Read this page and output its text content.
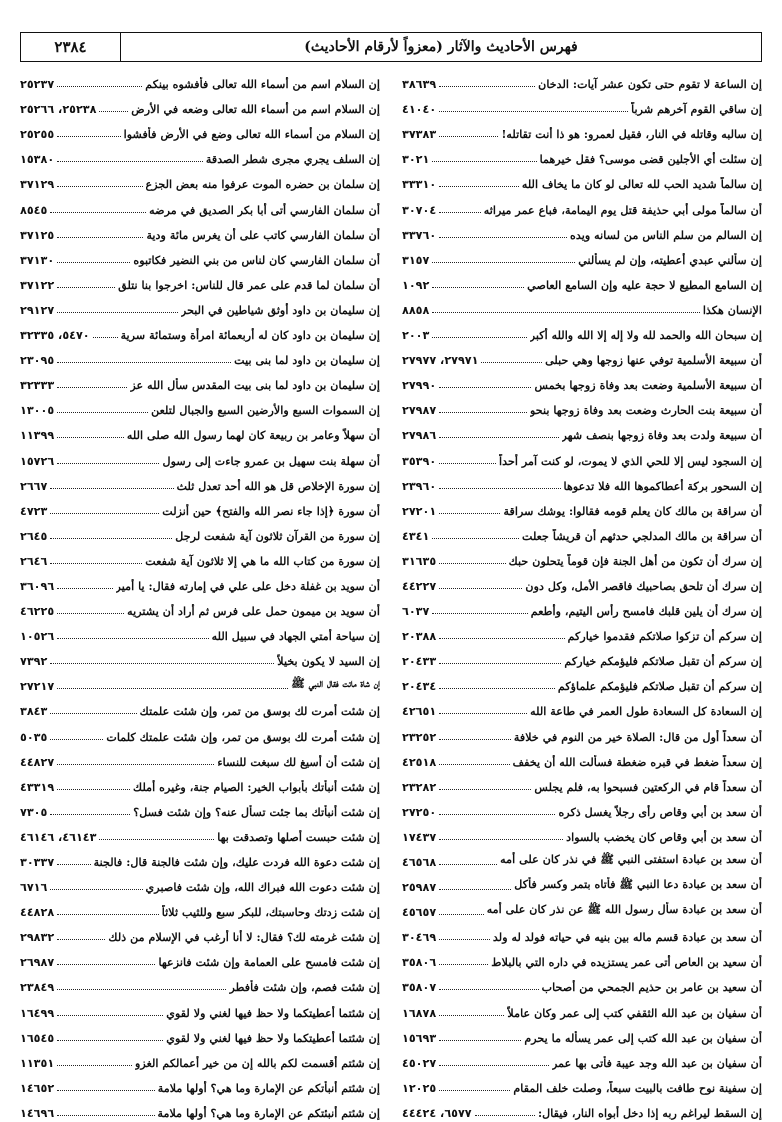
فهرس الأحاديث والآثار (معزواً لأرقام الأحاديث)
٢٣٨٤
إن الساعة لا تقوم حتى تكون عشر آيات: الدخان
٣٨٦٣٩
إن ساقي القوم آخرهم شرباً
٤١٠٤٠
إن سالبه وقاتله في النار، فقيل لعمرو: هو ذا أنت تقاتله!
٣٧٣٨٣
إن سئلت أي الأجلين قضى موسى؟ فقل خيرهما
٣٠٢١
إن سالماً شديد الحب لله تعالى لو كان ما يخاف الله
٣٣٣١٠
أن سالماً مولى أبي حذيفة قتل يوم اليمامة، فباع عمر ميراثه
٣٠٧٠٤
إن السالم من سلم الناس من لسانه ويده
٣٣٧٦٠
إن سألني عبدي أعطيته، وإن لم يسألني
٣١٥٧
إن السامع المطيع لا حجة عليه وإن السامع العاصي
١٠٩٢
الإنسان هكذا
٨٨٥٨
إن سبحان الله والحمد لله ولا إله إلا الله والله أكبر
٢٠٠٣
أن سبيعة الأسلمية توفي عنها زوجها وهي حبلى
٢٧٩٧١، ٢٧٩٧٧
أن سبيعة الأسلمية وضعت بعد وفاة زوجها بخمس
٢٧٩٩٠
أن سبيعة بنت الحارث وضعت بعد وفاة زوجها بنحو
٢٧٩٨٧
أن سبيعة ولدت بعد وفاة زوجها بنصف شهر
٢٧٩٨٦
إن السجود ليس إلا للحي الذي لا يموت، لو كنت آمر أحداً
٣٥٣٩٠
إن السحور بركة أعطاكموها الله فلا تدعوها
٢٣٩٦٠
أن سراقة بن مالك كان يعلم قومه فقالوا: يوشك سراقة
٢٧٢٠١
أن سراقة بن مالك المدلجي حدثهم أن قريشاً جعلت
٤٣٤١
إن سرك أن تكون من أهل الجنة فإن قوماً يتحلون حبك
٣١٦٣٥
إن سرك أن تلحق بصاحبيك فاقصر الأمل، وكل دون
٤٤٢٢٧
إن سرك أن يلين قلبك فامسح رأس اليتيم، وأطعم
٦٠٣٧
إن سركم أن تزكوا صلاتكم فقدموا خياركم
٢٠٣٨٨
إن سركم أن تقبل صلاتكم فليؤمكم خياركم
٢٠٤٣٣
إن سركم أن تقبل صلاتكم فليؤمكم علماؤكم
٢٠٤٣٤
إن السعادة كل السعادة طول العمر في طاعة الله
٤٢٦٥١
أن سعداً أول من قال: الصلاة خير من النوم في خلافة
٢٣٢٥٢
إن سعداً ضغط في قبره ضغطة فسألت الله أن يخفف
٤٢٥١٨
أن سعداً قام في الركعتين فسبحوا به، فلم يجلس
٢٣٢٨٢
أن سعد بن أبي وقاص رأى رجلاً يغسل ذكره
٢٧٢٥٠
أن سعد بن أبي وقاص كان يخضب بالسواد
١٧٤٣٧
أن سعد بن عبادة استفتى النبي ﷺ في نذر كان على أمه
٤٦٥٦٨
أن سعد بن عبادة دعا النبي ﷺ فأتاه بتمر وكسر فأكل
٢٥٩٨٧
أن سعد بن عبادة سأل رسول الله ﷺ عن نذر كان على أمه
٤٥٦٥٧
أن سعد بن عبادة قسم ماله بين بنيه في حياته فولد له ولد
٣٠٤٦٩
أن سعيد بن العاص أتى عمر يستزيده في داره التي بالبلاط
٣٥٨٠٦
أن سعيد بن عامر بن حذيم الجمحي من أصحاب
٣٥٨٠٧
أن سفيان بن عبد الله الثقفي كتب إلى عمر وكان عاملاً
١٦٨٧٨
أن سفيان بن عبد الله كتب إلى عمر يسأله ما يحرم
١٥٦٩٣
أن سفيان بن عبد الله وجد عيبة فأتى بها عمر
٤٥٠٢٧
إن سفينة نوح طافت بالبيت سبعاً، وصلت خلف المقام
١٢٠٢٥
إن السقط ليراغم ربه إذا دخل أبواه النار، فيقال:
٦٥٧٧، ٤٤٤٢٤
إن السلام اسم من أسماء الله تعالى فأفشوه بينكم
٢٥٢٣٧
إن السلام اسم من أسماء الله تعالى وضعه في الأرض
٢٥٢٣٨، ٢٥٢٦٦
إن السلام من أسماء الله تعالى وضع في الأرض فأفشوا
٢٥٢٥٥
إن السلف يجري مجرى شطر الصدقة
١٥٣٨٠
إن سلمان بن حضره الموت عرفوا منه بعض الجزع
٣٧١٢٩
أن سلمان الفارسي أتى أبا بكر الصديق في مرضه
٨٥٤٥
أن سلمان الفارسي كاتب على أن يغرس مائة ودية
٣٧١٢٥
أن سلمان الفارسي كان لناس من بني النضير فكاتبوه
٣٧١٣٠
أن سلمان لما قدم على عمر قال للناس: اخرجوا بنا نتلق
٣٧١٢٢
إن سليمان بن داود أوثق شياطين في البحر
٢٩١٢٧
إن سليمان بن داود كان له أربعمائة امرأة وستمائة سرية
٥٤٧٠، ٣٢٣٣٥
إن سليمان بن داود لما بنى بيت
٢٣٠٩٥
إن سليمان بن داود لما بنى بيت المقدس سأل الله عز
٣٢٣٣٣
إن السموات السبع والأرضين السبع والجبال لتلعن
١٣٠٠٥
أن سهلاً وعامر بن ربيعة كان لهما رسول الله صلى الله
١١٣٩٩
أن سهلة بنت سهيل بن عمرو جاءت إلى رسول
١٥٧٢٦
إن سورة الإخلاص قل هو الله أحد تعدل ثلث
٢٦٦٧
أن سورة ﴿إذا جاء نصر الله والفتح﴾ حين أنزلت
٤٧٢٣
إن سورة من القرآن ثلاثون آية شفعت لرجل
٢٦٤٥
إن سورة من كتاب الله ما هي إلا ثلاثون آية شفعت
٢٦٤٦
أن سويد بن غفلة دخل على علي في إمارته فقال: يا أمير
٣٦٠٩٦
أن سويد بن ميمون حمل على فرس ثم أراد أن يشتريه
٤٦٢٢٥
إن سياحة أمتي الجهاد في سبيل الله
١٠٥٢٦
إن السيد لا يكون بخيلاً
٧٣٩٢
إن شاة ماتت فقال النبي ﷺ
٢٧٢١٧
إن شئت أمرت لك بوسق من تمر، وإن شئت علمتك
٣٨٤٣
إن شئت أمرت لك بوسق من تمر، وإن شئت علمتك كلمات
٥٠٣٥
إن شئت أن أسيغ لك سبغت للنساء
٤٤٨٢٧
إن شئت أنبأتك بأبواب الخير: الصيام جنة، وغيره أملك
٤٣٣١٩
إن شئت أنبأتك بما جئت تسأل عنه؟ وإن شئت فسل؟
٧٣٠٥
إن شئت حبست أصلها وتصدقت بها
٤٦١٤٣، ٤٦١٤٦
إن شئت دعوة الله فردت عليك، وإن شئت فالجنة قال: فالجنة
٣٠٣٣٧
إن شئت دعوت الله فبراك الله، وإن شئت فاصبري
٦٧١٦
إن شئت زدتك وحاسبتك، للبكر سبع وللثيب ثلاثاً
٤٤٨٢٨
إن شئت غرمته لك؟ فقال: لا أنا أرغب في الإسلام من ذلك
٢٩٨٣٢
إن شئت فامسح على العمامة وإن شئت فانزعها
٢٦٩٨٧
إن شئت فصم، وإن شئت فأفطر
٢٣٨٤٩
إن شئتما أعطيتكما ولا حظ فيها لغني ولا لقوي
١٦٤٩٩
إن شئتما أعطيتكما ولا حظ فيها لغني ولا لقوي
١٦٥٤٥
إن شئتم أقسمت لكم بالله إن من خير أعمالكم الغزو
١١٣٥١
إن شئتم أنبأتكم عن الإمارة وما هي؟ أولها ملامة
١٤٦٥٢
إن شئتم أنبئتكم عن الإمارة وما هي؟ أولها ملامة
١٤٦٩٦
